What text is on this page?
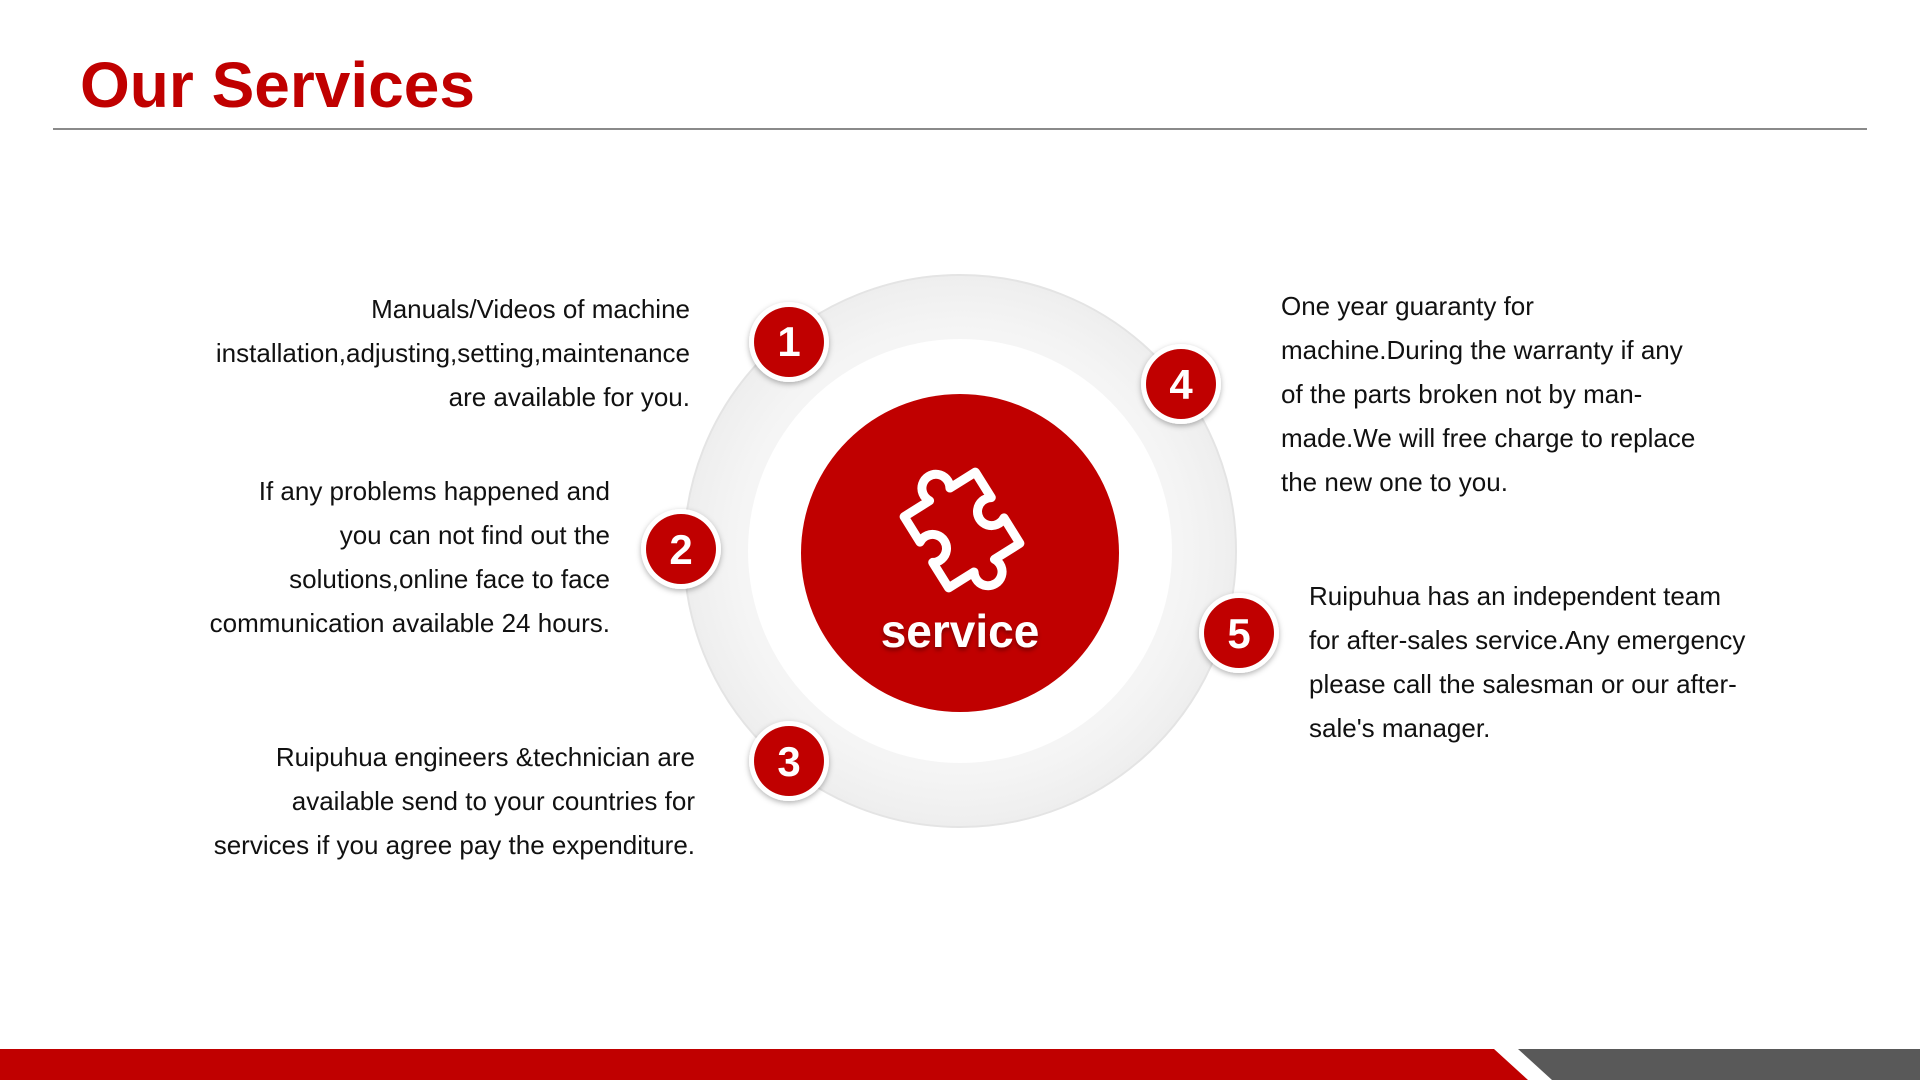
Our Services
service
1
2
3
4
5
Manuals/Videos of machine
installation,adjusting,setting,maintenance
are available for you.
If any problems happened and
you can not find out the
solutions,online face to face
communication available 24 hours.
Ruipuhua engineers &technician are
available send to your countries for
services if you agree pay the expenditure.
One year guaranty for
machine.During the warranty if any
of the parts broken not by man-
made.We will free charge to replace
the new one to you.
Ruipuhua has an independent team
for after-sales service.Any emergency
please call the salesman or our after-
sale's manager.
